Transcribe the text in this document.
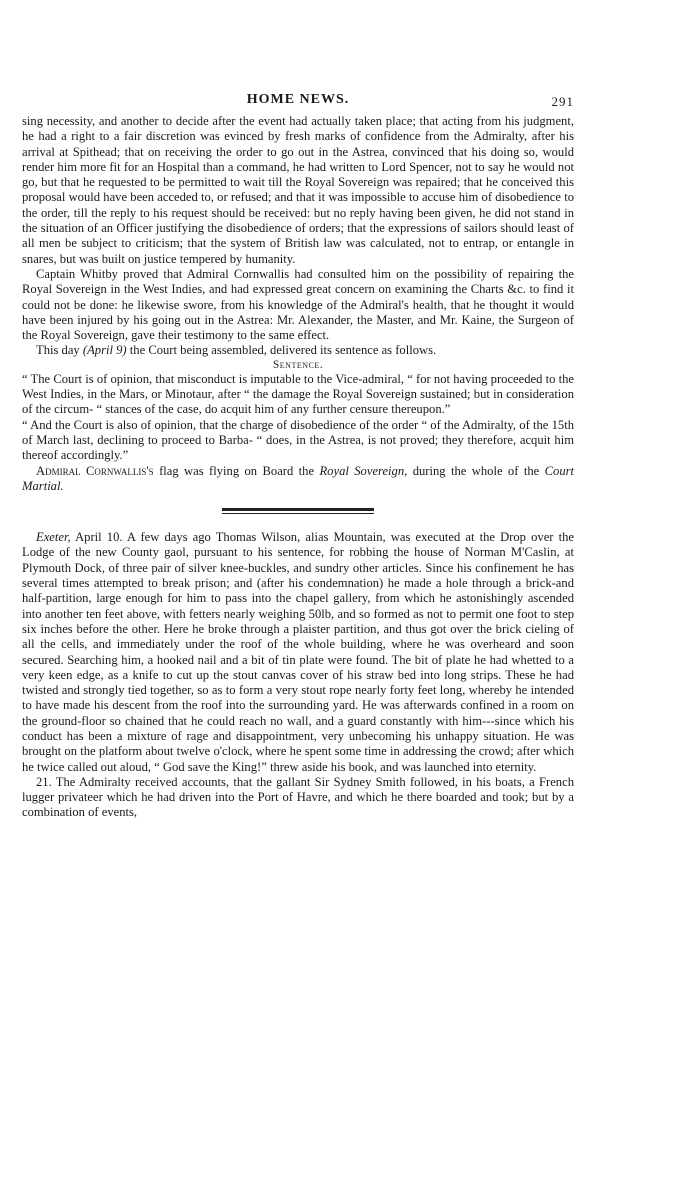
HOME NEWS.	291

sing necessity, and another to decide after the event had actually taken place; that acting from his judgment, he had a right to a fair discretion was evinced by fresh marks of confidence from the Admiralty, after his arrival at Spithead; that on receiving the order to go out in the Astrea, convinced that his doing so, would render him more fit for an Hospital than a command, he had written to Lord Spencer, not to say he would not go, but that he requested to be permitted to wait till the Royal Sovereign was repaired; that he conceived this proposal would have been acceded to, or refused; and that it was impossible to accuse him of disobedience to the order, till the reply to his request should be received: but no reply having been given, he did not stand in the situation of an Officer justifying the disobedience of orders; that the expressions of sailors should least of all men be subject to criticism; that the system of British law was calculated, not to entrap, or entangle in snares, but was built on justice tempered by humanity.

Captain Whitby proved that Admiral Cornwallis had consulted him on the possibility of repairing the Royal Sovereign in the West Indies, and had expressed great concern on examining the Charts &c. to find it could not be done: he likewise swore, from his knowledge of the Admiral's health, that he thought it would have been injured by his going out in the Astrea: Mr. Alexander, the Master, and Mr. Kaine, the Surgeon of the Royal Sovereign, gave their testimony to the same effect.

This day (April 9) the Court being assembled, delivered its sentence as follows.

Sentence.

“ The Court is of opinion, that misconduct is imputable to the Vice-admiral, “ for not having proceeded to the West Indies, in the Mars, or Minotaur, after “ the damage the Royal Sovereign sustained; but in consideration of the circum- “ stances of the case, do acquit him of any further censure thereupon.”

“ And the Court is also of opinion, that the charge of disobedience of the order “ of the Admiralty, of the 15th of March last, declining to proceed to Barba- “ does, in the Astrea, is not proved; they therefore, acquit him thereof accordingly.”

Admiral Cornwallis's flag was flying on Board the Royal Sovereign, during the whole of the Court Martial.

Exeter, April 10. A few days ago Thomas Wilson, alias Mountain, was executed at the Drop over the Lodge of the new County gaol, pursuant to his sentence, for robbing the house of Norman M'Caslin, at Plymouth Dock, of three pair of silver knee-buckles, and sundry other articles. Since his confinement he has several times attempted to break prison; and (after his condemnation) he made a hole through a brick-and half-partition, large enough for him to pass into the chapel gallery, from which he astonishingly ascended into another ten feet above, with fetters nearly weighing 50lb, and so formed as not to permit one foot to step six inches before the other. Here he broke through a plaister partition, and thus got over the brick cieling of all the cells, and immediately under the roof of the whole building, where he was overheard and soon secured. Searching him, a hooked nail and a bit of tin plate were found. The bit of plate he had whetted to a very keen edge, as a knife to cut up the stout canvas cover of his straw bed into long strips. These he had twisted and strongly tied together, so as to form a very stout rope nearly forty feet long, whereby he intended to have made his descent from the roof into the surrounding yard. He was afterwards confined in a room on the ground-floor so chained that he could reach no wall, and a guard constantly with him---since which his conduct has been a mixture of rage and disappointment, very unbecoming his unhappy situation. He was brought on the platform about twelve o'clock, where he spent some time in addressing the crowd; after which he twice called out aloud, “ God save the King!” threw aside his book, and was launched into eternity.

21. The Admiralty received accounts, that the gallant Sir Sydney Smith followed, in his boats, a French lugger privateer which he had driven into the Port of Havre, and which he there boarded and took; but by a combination of events,
